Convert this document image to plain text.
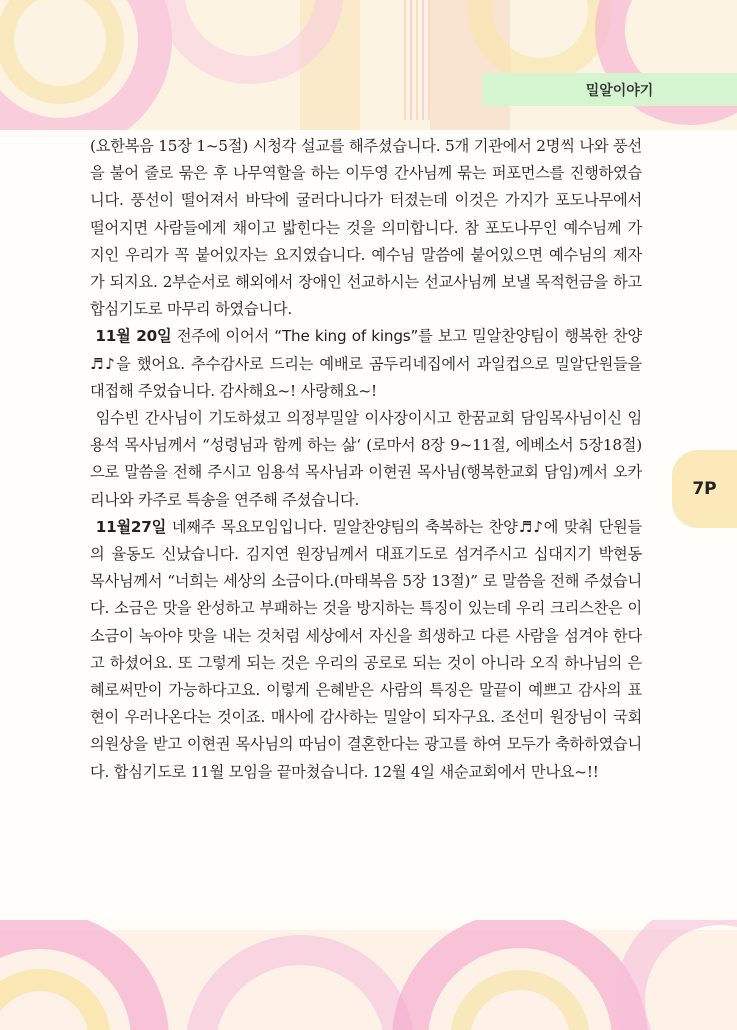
밀알이야기
7P

(요한복음 15장 1~5절) 시청각 설교를 해주셨습니다. 5개 기관에서 2명씩 나와 풍선을 불어 줄로 묶은 후 나무역할을 하는 이두영 간사님께 묶는 퍼포먼스를 진행하였습니다. 풍선이 떨어져서 바닥에 굴러다니다가 터졌는데 이것은 가지가 포도나무에서 떨어지면 사람들에게 채이고 밟힌다는 것을 의미합니다. 참 포도나무인 예수님께 가지인 우리가 꼭 붙어있자는 요지였습니다. 예수님 말씀에 붙어있으면 예수님의 제자가 되지요. 2부순서로 해외에서 장애인 선교하시는 선교사님께 보낼 목적헌금을 하고 합심기도로 마무리 하였습니다.

11월 20일 전주에 이어서 “The king of kings”를 보고 밀알찬양팀이 행복한 찬양♬♪을 했어요. 추수감사로 드리는 예배로 곰두리네집에서 과일컵으로 밀알단원들을 대접해 주었습니다. 감사해요~! 사랑해요~!

임수빈 간사님이 기도하셨고 의정부밀알 이사장이시고 한꿈교회 담임목사님이신 임용석 목사님께서 “성령님과 함께 하는 삶‘ (로마서 8장 9~11절, 에베소서 5장18절)으로 말씀을 전해 주시고 임용석 목사님과 이현권 목사님(행복한교회 담임)께서 오카리나와 카주로 특송을 연주해 주셨습니다.

11월27일 네째주 목요모임입니다. 밀알찬양팀의 축복하는 찬양♬♪에 맞춰 단원들의 율동도 신났습니다. 김지연 원장님께서 대표기도로 섬겨주시고 십대지기 박현동 목사님께서 “너희는 세상의 소금이다.(마태복음 5장 13절)” 로 말씀을 전해 주셨습니다. 소금은 맛을 완성하고 부패하는 것을 방지하는 특징이 있는데 우리 크리스찬은 이 소금이 녹아야 맛을 내는 것처럼 세상에서 자신을 희생하고 다른 사람을 섬겨야 한다고 하셨어요. 또 그렇게 되는 것은 우리의 공로로 되는 것이 아니라 오직 하나님의 은혜로써만이 가능하다고요. 이렇게 은혜받은 사람의 특징은 말끝이 예쁘고 감사의 표현이 우러나온다는 것이죠. 매사에 감사하는 밀알이 되자구요. 조선미 원장님이 국회의원상을 받고 이현권 목사님의 따님이 결혼한다는 광고를 하여 모두가 축하하였습니다. 합심기도로 11월 모임을 끝마쳤습니다. 12월 4일 새순교회에서 만나요~!!
